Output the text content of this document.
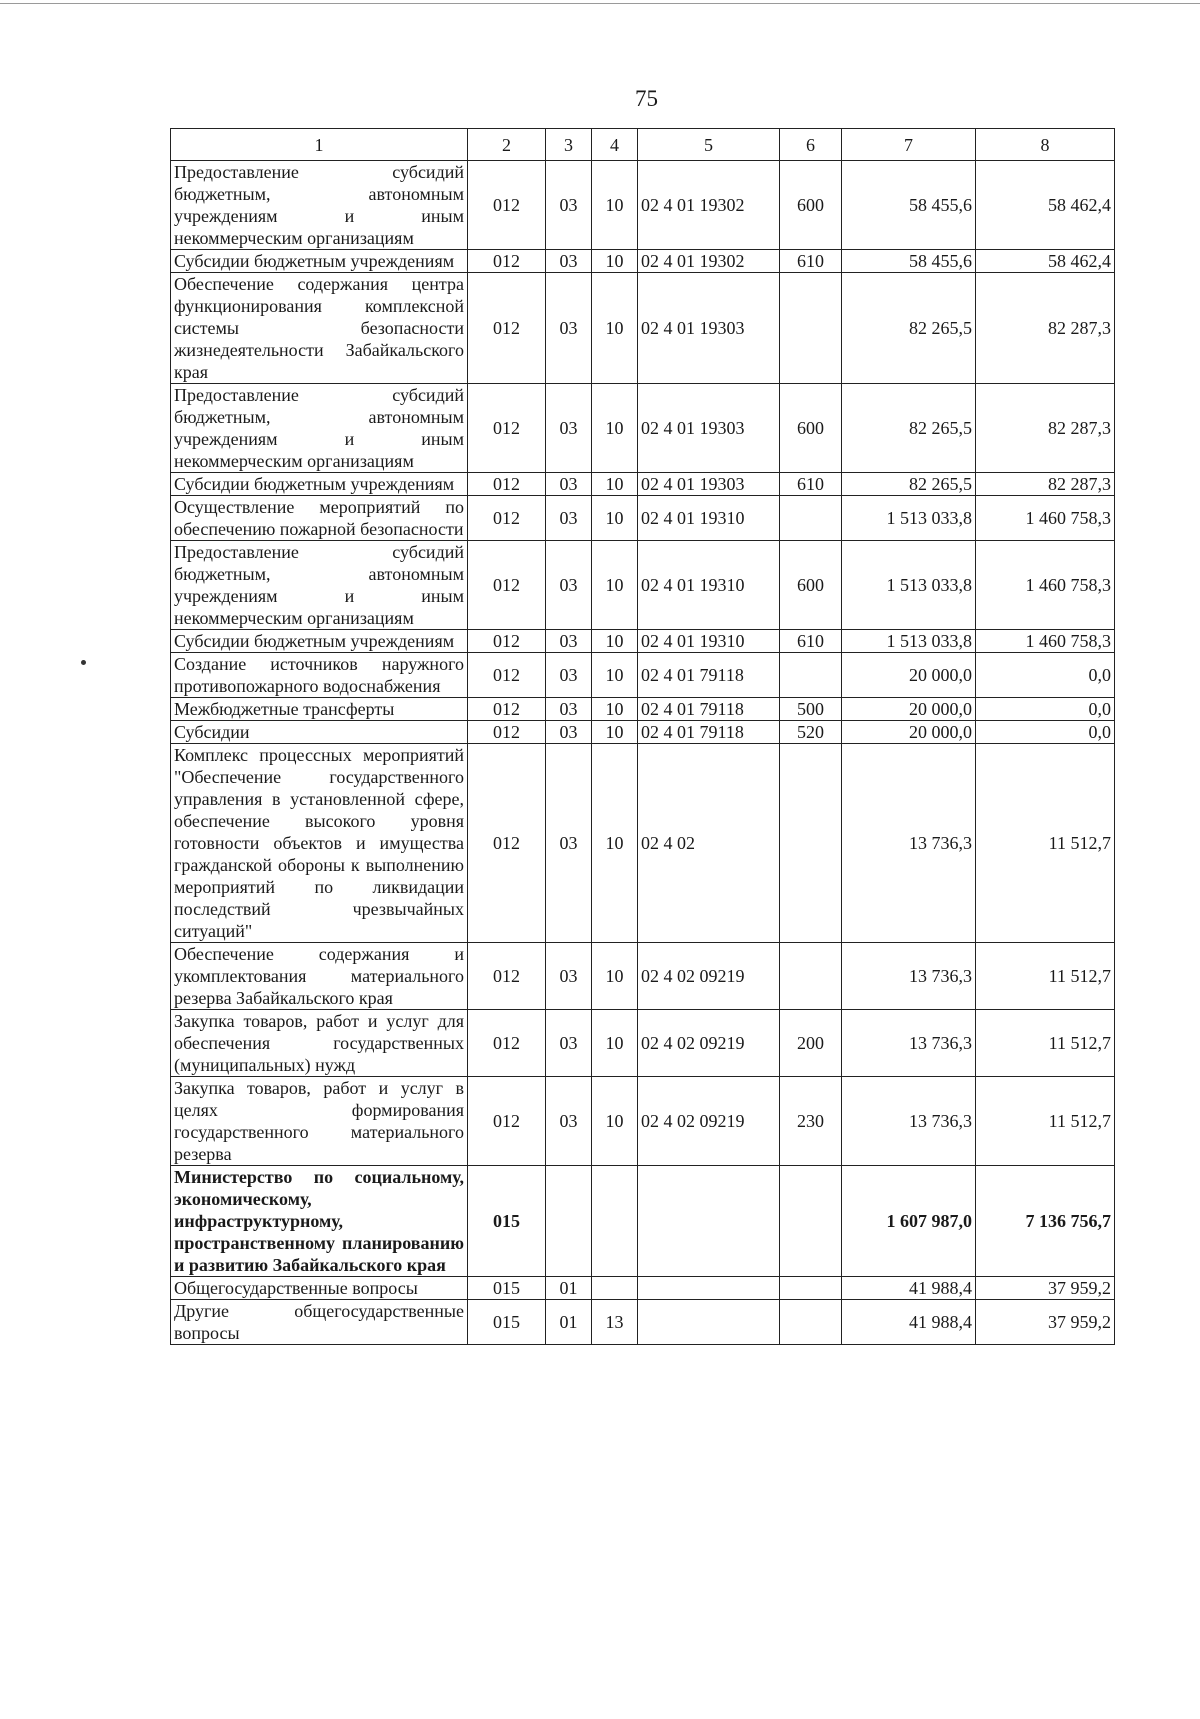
75
1	2	3	4	5	6	7	8
Предоставление субсидий бюджетным, автономным учреждениям и иным некоммерческим организациям	012	03	10	02 4 01 19302	600	58 455,6	58 462,4
Субсидии бюджетным учреждениям	012	03	10	02 4 01 19302	610	58 455,6	58 462,4
Обеспечение содержания центра функционирования комплексной системы безопасности жизнедеятельности Забайкальского края	012	03	10	02 4 01 19303		82 265,5	82 287,3
Предоставление субсидий бюджетным, автономным учреждениям и иным некоммерческим организациям	012	03	10	02 4 01 19303	600	82 265,5	82 287,3
Субсидии бюджетным учреждениям	012	03	10	02 4 01 19303	610	82 265,5	82 287,3
Осуществление мероприятий по обеспечению пожарной безопасности	012	03	10	02 4 01 19310		1 513 033,8	1 460 758,3
Предоставление субсидий бюджетным, автономным учреждениям и иным некоммерческим организациям	012	03	10	02 4 01 19310	600	1 513 033,8	1 460 758,3
Субсидии бюджетным учреждениям	012	03	10	02 4 01 19310	610	1 513 033,8	1 460 758,3
Создание источников наружного противопожарного водоснабжения	012	03	10	02 4 01 79118		20 000,0	0,0
Межбюджетные трансферты	012	03	10	02 4 01 79118	500	20 000,0	0,0
Субсидии	012	03	10	02 4 01 79118	520	20 000,0	0,0
Комплекс процессных мероприятий "Обеспечение государственного управления в установленной сфере, обеспечение высокого уровня готовности объектов и имущества гражданской обороны к выполнению мероприятий по ликвидации последствий чрезвычайных ситуаций"	012	03	10	02 4 02		13 736,3	11 512,7
Обеспечение содержания и укомплектования материального резерва Забайкальского края	012	03	10	02 4 02 09219		13 736,3	11 512,7
Закупка товаров, работ и услуг для обеспечения государственных (муниципальных) нужд	012	03	10	02 4 02 09219	200	13 736,3	11 512,7
Закупка товаров, работ и услуг в целях формирования государственного материального резерва	012	03	10	02 4 02 09219	230	13 736,3	11 512,7
Министерство по социальному, экономическому, инфраструктурному, пространственному планированию и развитию Забайкальского края	015					1 607 987,0	7 136 756,7
Общегосударственные вопросы	015	01				41 988,4	37 959,2
Другие общегосударственные вопросы	015	01	13			41 988,4	37 959,2
